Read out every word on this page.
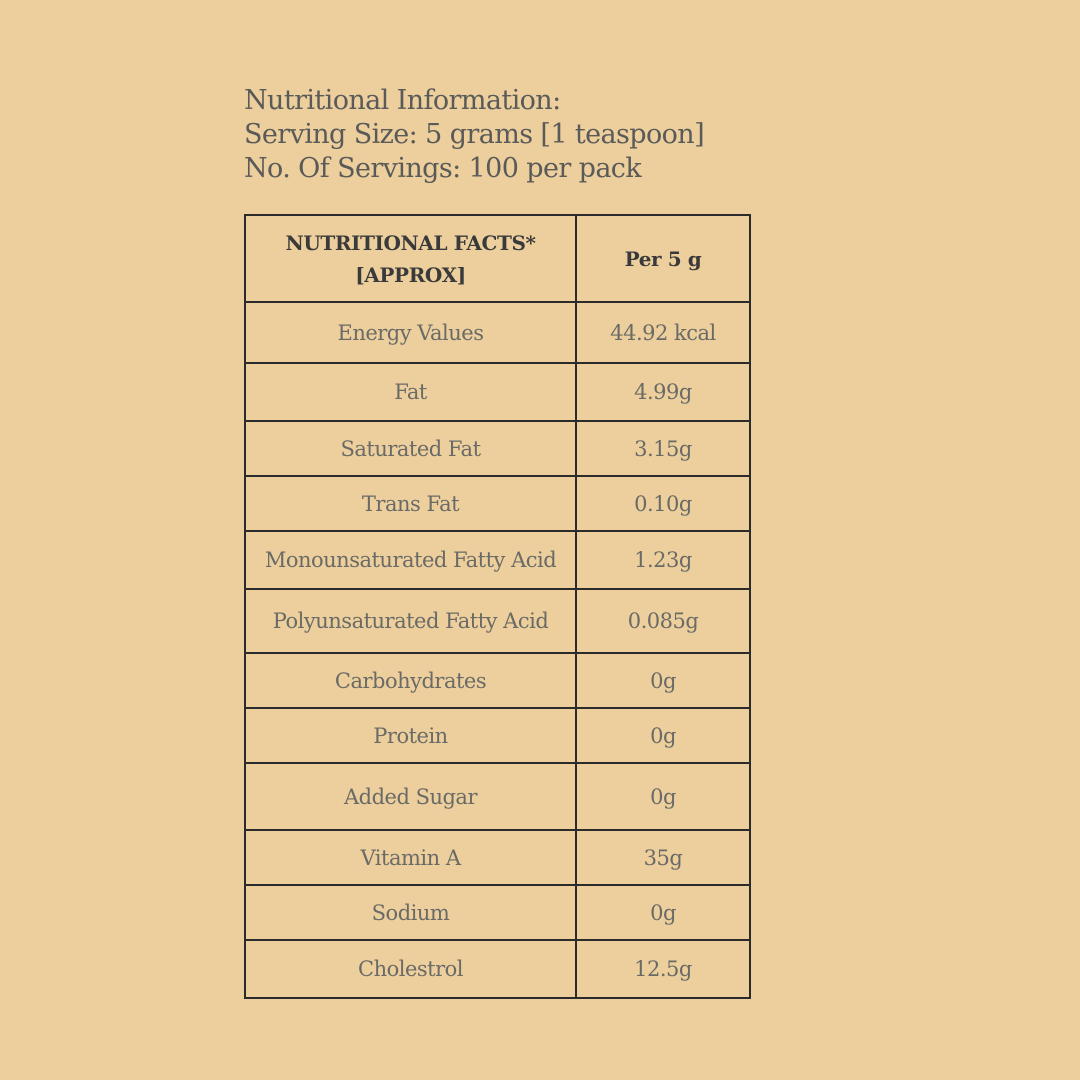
Nutritional Information:
Serving Size: 5 grams [1 teaspoon]
No. Of Servings: 100 per pack
NUTRITIONAL FACTS*
[APPROX]	Per 5 g
Energy Values	44.92 kcal
Fat	4.99g
Saturated Fat	3.15g
Trans Fat	0.10g
Monounsaturated Fatty Acid	1.23g
Polyunsaturated Fatty Acid	0.085g
Carbohydrates	0g
Protein	0g
Added Sugar	0g
Vitamin A	35g
Sodium	0g
Cholestrol	12.5g
